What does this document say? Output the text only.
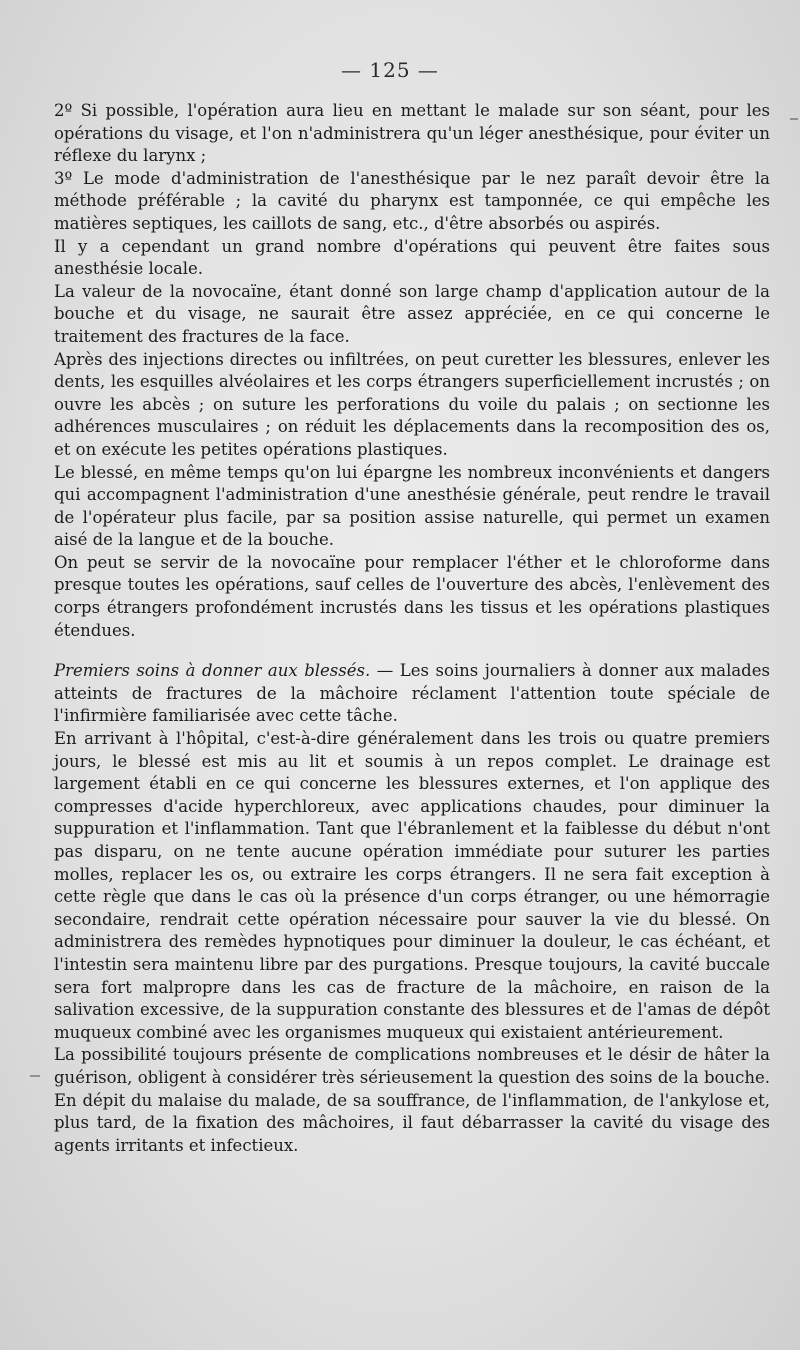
— 125 —

2º Si possible, l'opération aura lieu en mettant le malade sur son séant, pour les opérations du visage, et l'on n'administrera qu'un léger anesthésique, pour éviter un réflexe du larynx ;

3º Le mode d'administration de l'anesthésique par le nez paraît devoir être la méthode préférable ; la cavité du pharynx est tamponnée, ce qui empêche les matières septiques, les caillots de sang, etc., d'être absorbés ou aspirés.

Il y a cependant un grand nombre d'opérations qui peuvent être faites sous anesthésie locale.

La valeur de la novocaïne, étant donné son large champ d'application autour de la bouche et du visage, ne saurait être assez appréciée, en ce qui concerne le traitement des fractures de la face.

Après des injections directes ou infiltrées, on peut curetter les blessures, enlever les dents, les esquilles alvéolaires et les corps étrangers superficiellement incrustés ; on ouvre les abcès ; on suture les perforations du voile du palais ; on sectionne les adhérences musculaires ; on réduit les déplacements dans la recomposition des os, et on exécute les petites opérations plastiques.

Le blessé, en même temps qu'on lui épargne les nombreux inconvénients et dangers qui accompagnent l'administration d'une anesthésie générale, peut rendre le travail de l'opérateur plus facile, par sa position assise naturelle, qui permet un examen aisé de la langue et de la bouche.

On peut se servir de la novocaïne pour remplacer l'éther et le chloroforme dans presque toutes les opérations, sauf celles de l'ouverture des abcès, l'enlèvement des corps étrangers profondément incrustés dans les tissus et les opérations plastiques étendues.

Premiers soins à donner aux blessés. — Les soins journaliers à donner aux malades atteints de fractures de la mâchoire réclament l'attention toute spéciale de l'infirmière familiarisée avec cette tâche.

En arrivant à l'hôpital, c'est-à-dire généralement dans les trois ou quatre premiers jours, le blessé est mis au lit et soumis à un repos complet. Le drainage est largement établi en ce qui concerne les blessures externes, et l'on applique des compresses d'acide hyperchloreux, avec applications chaudes, pour diminuer la suppuration et l'inflammation. Tant que l'ébranlement et la faiblesse du début n'ont pas disparu, on ne tente aucune opération immédiate pour suturer les parties molles, replacer les os, ou extraire les corps étrangers. Il ne sera fait exception à cette règle que dans le cas où la présence d'un corps étranger, ou une hémorragie secondaire, rendrait cette opération nécessaire pour sauver la vie du blessé. On administrera des remèdes hypnotiques pour diminuer la douleur, le cas échéant, et l'intestin sera maintenu libre par des purgations. Presque toujours, la cavité buccale sera fort malpropre dans les cas de fracture de la mâchoire, en raison de la salivation excessive, de la suppuration constante des blessures et de l'amas de dépôt muqueux combiné avec les organismes muqueux qui existaient antérieurement.

La possibilité toujours présente de complications nombreuses et le désir de hâter la guérison, obligent à considérer très sérieusement la question des soins de la bouche. En dépit du malaise du malade, de sa souffrance, de l'inflammation, de l'ankylose et, plus tard, de la fixation des mâchoires, il faut débarrasser la cavité du visage des agents irritants et infectieux.
